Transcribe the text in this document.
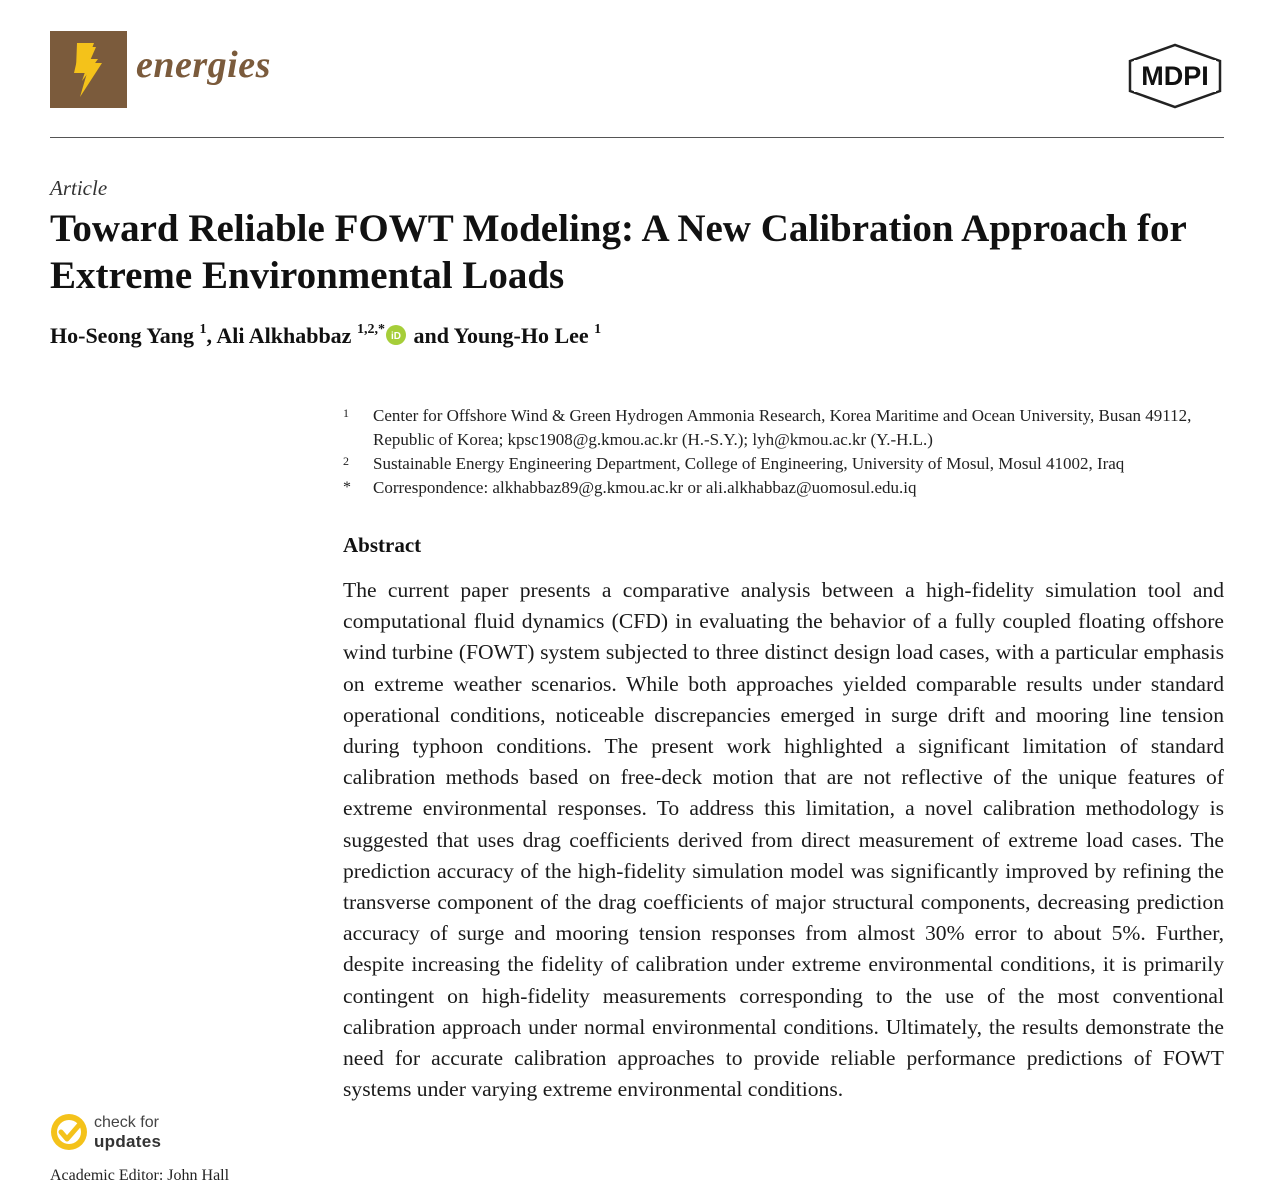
energies	MDPI
Article
Toward Reliable FOWT Modeling: A New Calibration Approach for Extreme Environmental Loads
Ho-Seong Yang $^1$, Ali Alkhabbaz $^{1,2,*}$ iD and Young-Ho Lee $^1$
1 Center for Offshore Wind & Green Hydrogen Ammonia Research, Korea Maritime and Ocean University, Busan 49112, Republic of Korea; kpsc1908@g.kmou.ac.kr (H.-S.Y.); lyh@kmou.ac.kr (Y.-H.L.)
2 Sustainable Energy Engineering Department, College of Engineering, University of Mosul, Mosul 41002, Iraq
* Correspondence: alkhabbaz89@g.kmou.ac.kr or ali.alkhabbaz@uomosul.edu.iq
Abstract

The current paper presents a comparative analysis between a high-fidelity simulation tool and computational fluid dynamics (CFD) in evaluating the behavior of a fully coupled floating offshore wind turbine (FOWT) system subjected to three distinct design load cases, with a particular emphasis on extreme weather scenarios. While both approaches yielded comparable results under standard operational conditions, noticeable discrepancies emerged in surge drift and mooring line tension during typhoon conditions. The present work highlighted a significant limitation of standard calibration methods based on free-deck motion that are not reflective of the unique features of extreme environmental responses. To address this limitation, a novel calibration methodology is suggested that uses drag coefficients derived from direct measurement of extreme load cases. The prediction accuracy of the high-fidelity simulation model was significantly improved by refining the transverse component of the drag coefficients of major structural components, decreasing prediction accuracy of surge and mooring tension responses from almost 30% error to about 5%. Further, despite increasing the fidelity of calibration under extreme environmental conditions, it is primarily contingent on high-fidelity measurements corresponding to the use of the most conventional calibration approach under normal environmental conditions. Ultimately, the results demonstrate the need for accurate calibration approaches to provide reliable performance predictions of FOWT systems under varying extreme environmental conditions.

check for
updates
Academic Editor: John Hall
